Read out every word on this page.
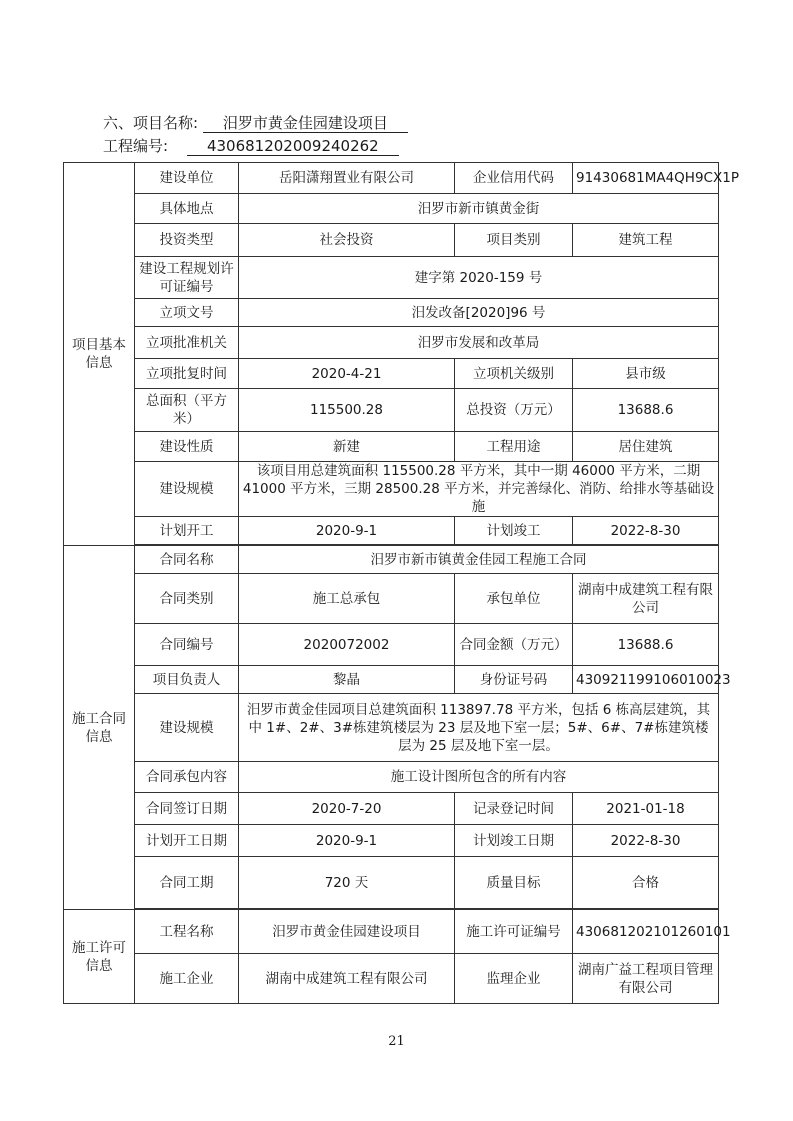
六、项目名称: 汨罗市黄金佳园建设项目
工程编号:	430681202009240262
项目基本信息	建设单位	岳阳潇翔置业有限公司	企业信用代码	91430681MA4QH9CX1P
	具体地点	汨罗市新市镇黄金街		
	投资类型	社会投资	项目类别	建筑工程
	建设工程规划许可证编号	建字第 2020-159 号		
	立项文号	汨发改备[2020]96 号		
	立项批准机关	汨罗市发展和改革局		
	立项批复时间	2020-4-21	立项机关级别	县市级
	总面积（平方米）	115500.28	总投资（万元）	13688.6
	建设性质	新建	工程用途	居住建筑
	建设规模	该项目用总建筑面积 115500.28 平方米，其中一期 46000 平方米，二期 41000 平方米，三期 28500.28 平方米，并完善绿化、消防、给排水等基础设施		
	计划开工	2020-9-1	计划竣工	2022-8-30

施工合同信息	合同名称	汨罗市新市镇黄金佳园工程施工合同		
	合同类别	施工总承包	承包单位	湖南中成建筑工程有限公司
	合同编号	2020072002	合同金额（万元）	13688.6
	项目负责人	黎晶	身份证号码	430921199106010023
	建设规模	汨罗市黄金佳园项目总建筑面积 113897.78 平方米，包括 6 栋高层建筑，其中 1#、2#、3#栋建筑楼层为 23 层及地下室一层；5#、6#、7#栋建筑楼层为 25 层及地下室一层。		
	合同承包内容	施工设计图所包含的所有内容		
	合同签订日期	2020-7-20	记录登记时间	2021-01-18
	计划开工日期	2020-9-1	计划竣工日期	2022-8-30
	合同工期	720 天	质量目标	合格

施工许可信息	工程名称	汨罗市黄金佳园建设项目	施工许可证编号	430681202101260101
	施工企业	湖南中成建筑工程有限公司	监理企业	湖南广益工程项目管理有限公司
21
